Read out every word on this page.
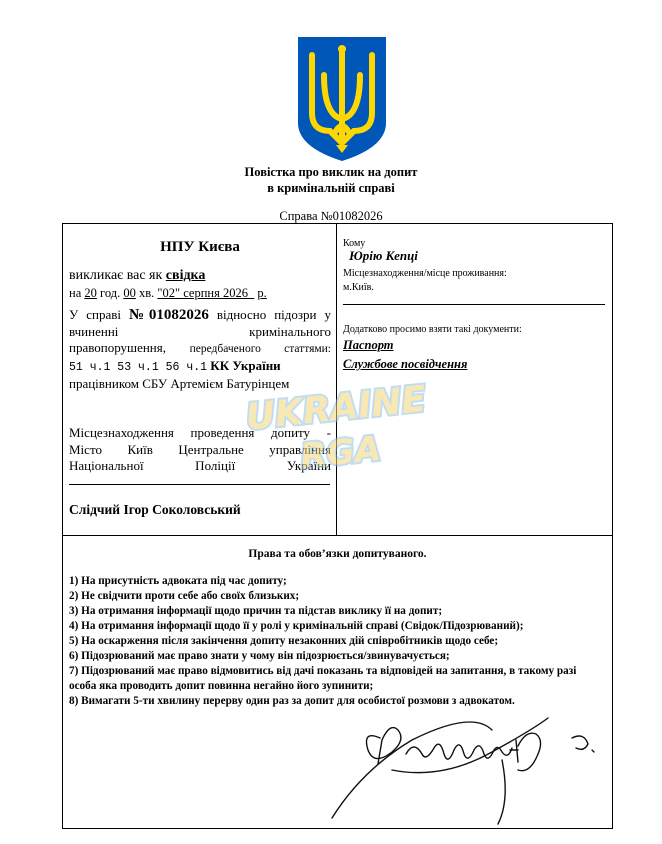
Повістка про виклик на допит
в кримінальній справі
Справа №01082026
НПУ Києва
викликає вас як свідка
на 20 год. 00 хв. "02" серпня 2026 р.
У справі №01082026 відносно підозри у
вчиненні	кримінального
правопорушення, передбаченого статтями:
51 ч.1 53 ч.1 56 ч.1 КК України
працівником СБУ Артемієм Батурінцем
Місцезнаходження проведення допиту -
Місто Київ Центральне управління
Національної Поліції України
Слідчий Ігор Соколовський
Кому
Юрію Кепці
Місцезнаходження/місце проживання:
м.Київ.
Додатково просимо взяти такі документи:
Паспорт
Службове посвідчення
UKRAINE
RGA
Права та обов’язки допитуваного.
1) На присутність адвоката під час допиту;
2) Не свідчити проти себе або своїх близьких;
3) На отримання інформації щодо причин та підстав виклику її на допит;
4) На отримання інформації щодо її у ролі у кримінальній справі (Свідок/Підозрюваний);
5) На оскарження після закінчення допиту незаконних дій співробітників щодо себе;
6) Підозрюваний має право знати у чому він підозрюється/звинувачується;
7) Підозрюваний має право відмовитись від дачі показань та відповідей на запитання, в такому разі особа яка проводить допит повинна негайно його зупинити;
8) Вимагати 5-ти хвилину перерву один раз за допит для особистої розмови з адвокатом.
